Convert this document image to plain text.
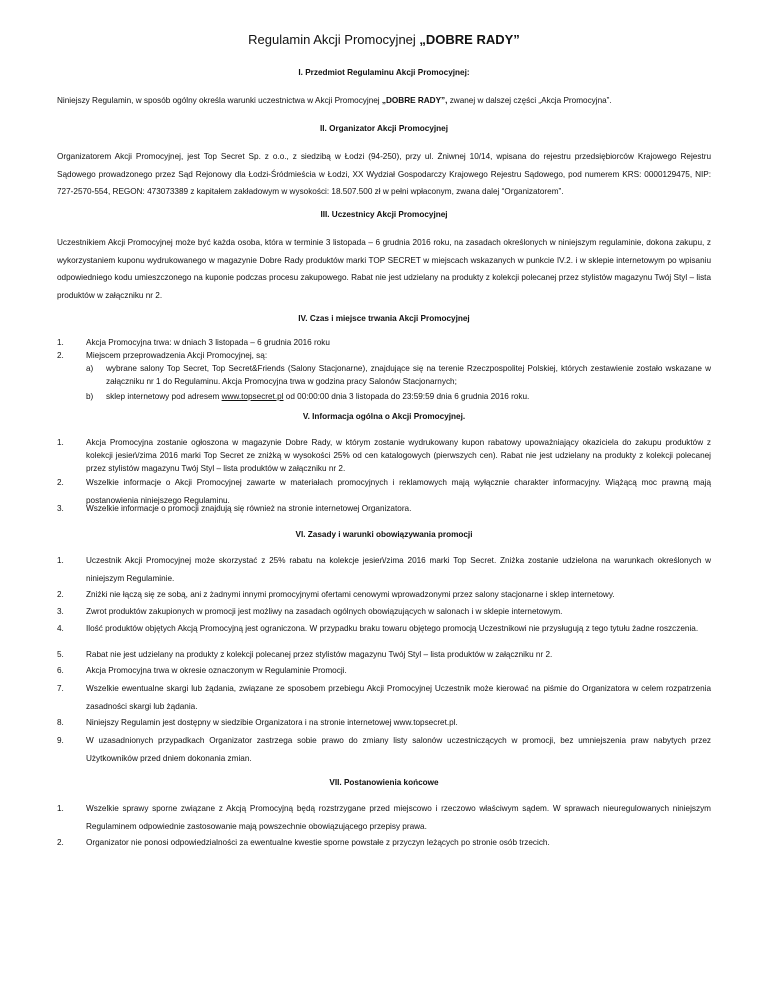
Regulamin Akcji Promocyjnej „DOBRE RADY”
I. Przedmiot Regulaminu Akcji Promocyjnej:
Niniejszy Regulamin, w sposób ogólny określa warunki uczestnictwa w Akcji Promocyjnej „DOBRE RADY”, zwanej w dalszej części „Akcja Promocyjna”.
II. Organizator Akcji Promocyjnej
Organizatorem Akcji Promocyjnej, jest Top Secret Sp. z o.o., z siedzibą w Łodzi (94-250), przy ul. Żniwnej 10/14, wpisana do rejestru przedsiębiorców Krajowego Rejestru Sądowego prowadzonego przez Sąd Rejonowy dla Łodzi-Śródmieścia w Łodzi, XX Wydział Gospodarczy Krajowego Rejestru Sądowego, pod numerem KRS: 0000129475, NIP: 727-2570-554, REGON: 473073389 z kapitałem zakładowym w wysokości: 18.507.500 zł w pełni wpłaconym, zwana dalej “Organizatorem”.
III. Uczestnicy Akcji Promocyjnej
Uczestnikiem Akcji Promocyjnej może być każda osoba, która w terminie 3 listopada – 6 grudnia 2016 roku, na zasadach określonych w niniejszym regulaminie, dokona zakupu, z wykorzystaniem kuponu wydrukowanego w magazynie Dobre Rady produktów marki TOP SECRET w miejscach wskazanych w punkcie IV.2. i w sklepie internetowym po wpisaniu odpowiedniego kodu umieszczonego na kuponie podczas procesu zakupowego. Rabat nie jest udzielany na produkty z kolekcji polecanej przez stylistów magazynu Twój Styl – lista produktów w załączniku nr 2.
IV. Czas i miejsce trwania Akcji Promocyjnej
1.	Akcja Promocyjna trwa: w dniach 3 listopada – 6 grudnia 2016 roku
2.	Miejscem przeprowadzenia Akcji Promocyjnej, są:
a) wybrane salony Top Secret, Top Secret&Friends (Salony Stacjonarne), znajdujące się na terenie Rzeczpospolitej Polskiej, których zestawienie zostało wskazane w załączniku nr 1 do Regulaminu. Akcja Promocyjna trwa w godzina pracy Salonów Stacjonarnych;
b) sklep internetowy pod adresem www.topsecret.pl od 00:00:00 dnia 3 listopada do 23:59:59 dnia 6 grudnia 2016 roku.
V. Informacja ogólna o Akcji Promocyjnej.
1.	Akcja Promocyjna zostanie ogłoszona w magazynie Dobre Rady, w którym zostanie wydrukowany kupon rabatowy upoważniający okaziciela do zakupu produktów z kolekcji jesień/zima 2016 marki Top Secret ze zniżką w wysokości 25% od cen katalogowych (pierwszych cen). Rabat nie jest udzielany na produkty z kolekcji polecanej przez stylistów magazynu Twój Styl – lista produktów w załączniku nr 2.
2.	Wszelkie informacje o Akcji Promocyjnej zawarte w materiałach promocyjnych i reklamowych mają wyłącznie charakter informacyjny. Wiążącą moc prawną mają postanowienia niniejszego Regulaminu.
3.	Wszelkie informacje o promocji znajdują się również na stronie internetowej Organizatora.
VI. Zasady i warunki obowiązywania promocji
1.	Uczestnik Akcji Promocyjnej może skorzystać z 25% rabatu na kolekcje jesień/zima 2016 marki Top Secret. Zniżka zostanie udzielona na warunkach określonych w niniejszym Regulaminie.
2.	Zniżki nie łączą się ze sobą, ani z żadnymi innymi promocyjnymi ofertami cenowymi wprowadzonymi przez salony stacjonarne i sklep internetowy.
3.	Zwrot produktów zakupionych w promocji jest możliwy na zasadach ogólnych obowiązujących w salonach i w sklepie internetowym.
4.	Ilość produktów objętych Akcją Promocyjną jest ograniczona. W przypadku braku towaru objętego promocją Uczestnikowi nie przysługują z tego tytułu żadne roszczenia.
5.	Rabat nie jest udzielany na produkty z kolekcji polecanej przez stylistów magazynu Twój Styl – lista produktów w załączniku nr 2.
6.	Akcja Promocyjna trwa w okresie oznaczonym w Regulaminie Promocji.
7.	Wszelkie ewentualne skargi lub żądania, związane ze sposobem przebiegu Akcji Promocyjnej Uczestnik może kierować na piśmie do Organizatora w celem rozpatrzenia zasadności skargi lub żądania.
8.	Niniejszy Regulamin jest dostępny w siedzibie Organizatora i na stronie internetowej www.topsecret.pl.
9.	W uzasadnionych przypadkach Organizator zastrzega sobie prawo do zmiany listy salonów uczestniczących w promocji, bez umniejszenia praw nabytych przez Użytkowników przed dniem dokonania zmian.
VII. Postanowienia końcowe
1.	Wszelkie sprawy sporne związane z Akcją Promocyjną będą rozstrzygane przed miejscowo i rzeczowo właściwym sądem. W sprawach nieuregulowanych niniejszym Regulaminem odpowiednie zastosowanie mają powszechnie obowiązującego przepisy prawa.
2.	Organizator nie ponosi odpowiedzialności za ewentualne kwestie sporne powstałe z przyczyn leżących po stronie osób trzecich.
